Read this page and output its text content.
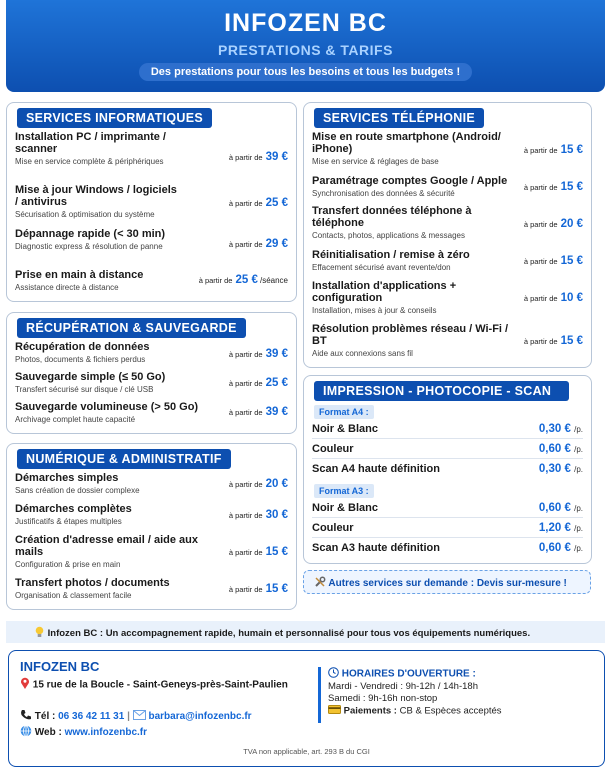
INFOZEN BC
PRESTATIONS & TARIFS
Des prestations pour tous les besoins et tous les budgets !
SERVICES INFORMATIQUES
Installation PC / imprimante / scanner
Mise en service complète & périphériques	à partir de 39 €
Mise à jour Windows / logiciels / antivirus
Sécurisation & optimisation du système
à partir de 25 €
Dépannage rapide (< 30 min)
Diagnostic express & résolution de panne	à partir de 29 €
Prise en main à distance
Assistance directe à distance
à partir de 25 € /séance
RÉCUPÉRATION & SAUVEGARDE
Récupération de données
Photos, documents & fichiers perdus
à partir de 39 €
Sauvegarde simple (≤ 50 Go)
Transfert sécurisé sur disque / clé USB
à partir de 25 €
Sauvegarde volumineuse (> 50 Go)
Archivage complet haute capacité
à partir de 39 €
NUMÉRIQUE & ADMINISTRATIF
Démarches simples
Sans création de dossier complexe
à partir de 20 €
Démarches complètes
Justificatifs & étapes multiples
à partir de 30 €
Création d'adresse email / aide aux mails
Configuration & prise en main
à partir de 15 €
Transfert photos / documents
Organisation & classement facile
à partir de 15 €
SERVICES TÉLÉPHONIE
Mise en route smartphone (Android/ iPhone)
Mise en service & réglages de base
à partir de 15 €
Paramétrage comptes Google / Apple
Synchronisation des données & sécurité
à partir de 15 €
Transfert données téléphone à téléphone
Contacts, photos, applications & messages
à partir de 20 €
Réinitialisation / remise à zéro
Effacement sécurisé avant revente/don
à partir de 15 €
Installation d'applications + configuration
Installation, mises à jour & conseils
à partir de 10 €
Résolution problèmes réseau / Wi-Fi / BT
Aide aux connexions sans fil
à partir de 15 €
IMPRESSION - PHOTOCOPIE - SCAN
Format A4 :
Noir & Blanc	0,30 € /p.
Couleur	0,60 € /p.
Scan A4 haute définition	0,30 € /p.
Format A3 :
Noir & Blanc	0,60 € /p.
Couleur	1,20 € /p.
Scan A3 haute définition	0,60 € /p.
Autres services sur demande : Devis sur-mesure !
Infozen BC : Un accompagnement rapide, humain et personnalisé pour tous vos équipements numériques.
INFOZEN BC
15 rue de la Boucle - Saint-Geneys-près-Saint-Paulien
Tél : 06 36 42 11 31 | barbara@infozenbc.fr
Web : www.infozenbc.fr
HORAIRES D'OUVERTURE :
Mardi - Vendredi : 9h-12h / 14h-18h
Samedi : 9h-16h non-stop
Paiements : CB & Espèces acceptés
TVA non applicable, art. 293 B du CGI
